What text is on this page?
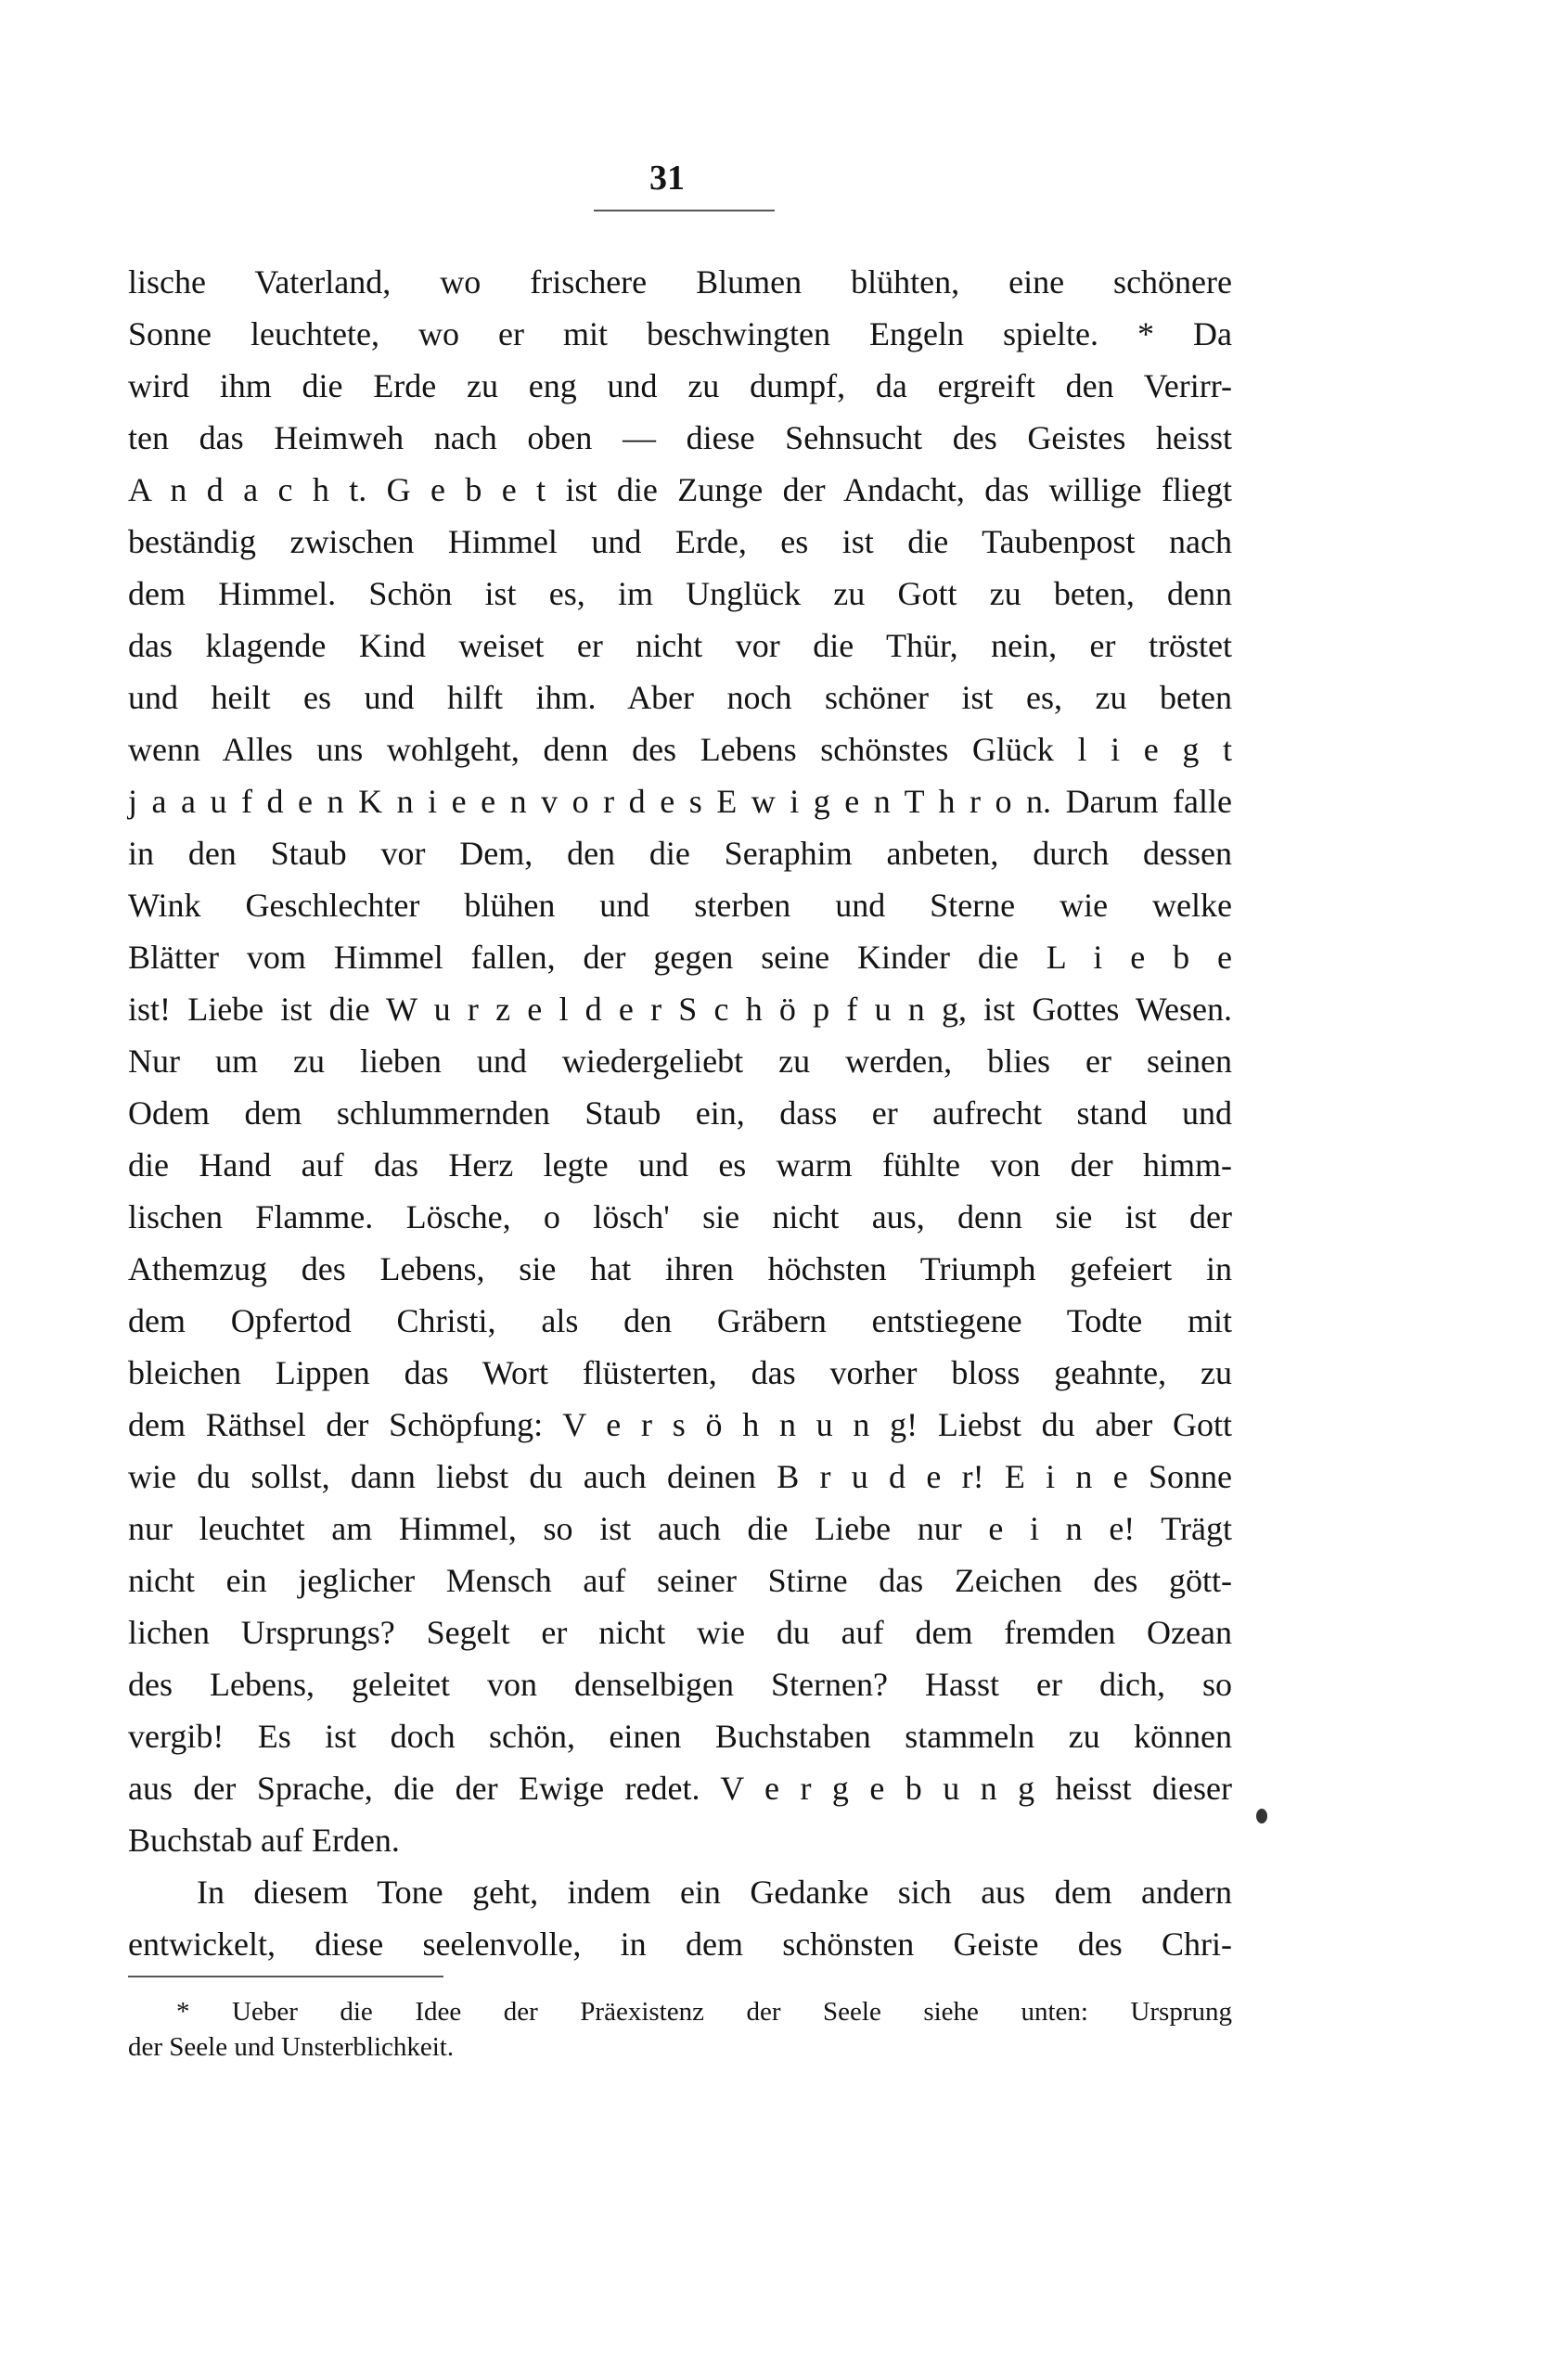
31
lische Vaterland, wo frischere Blumen blühten, eine schönere
Sonne leuchtete, wo er mit beschwingten Engeln spielte. * Da
wird ihm die Erde zu eng und zu dumpf, da ergreift den Verirr-
ten das Heimweh nach oben — diese Sehnsucht des Geistes heisst
A n d a c h t. G e b e t ist die Zunge der Andacht, das willige fliegt
beständig zwischen Himmel und Erde, es ist die Taubenpost nach
dem Himmel. Schön ist es, im Unglück zu Gott zu beten, denn
das klagende Kind weiset er nicht vor die Thür, nein, er tröstet
und heilt es und hilft ihm. Aber noch schöner ist es, zu beten
wenn Alles uns wohlgeht, denn des Lebens schönstes Glück l i e g t
j a a u f d e n K n i e e n v o r d e s E w i g e n T h r o n. Darum falle
in den Staub vor Dem, den die Seraphim anbeten, durch dessen
Wink Geschlechter blühen und sterben und Sterne wie welke
Blätter vom Himmel fallen, der gegen seine Kinder die L i e b e
ist! Liebe ist die W u r z e l d e r S c h ö p f u n g, ist Gottes Wesen.
Nur um zu lieben und wiedergeliebt zu werden, blies er seinen
Odem dem schlummernden Staub ein, dass er aufrecht stand und
die Hand auf das Herz legte und es warm fühlte von der himm-
lischen Flamme. Lösche, o lösch' sie nicht aus, denn sie ist der
Athemzug des Lebens, sie hat ihren höchsten Triumph gefeiert in
dem Opfertod Christi, als den Gräbern entstiegene Todte mit
bleichen Lippen das Wort flüsterten, das vorher bloss geahnte, zu
dem Räthsel der Schöpfung: V e r s ö h n u n g! Liebst du aber Gott
wie du sollst, dann liebst du auch deinen B r u d e r! E i n e Sonne
nur leuchtet am Himmel, so ist auch die Liebe nur e i n e! Trägt
nicht ein jeglicher Mensch auf seiner Stirne das Zeichen des gött-
lichen Ursprungs? Segelt er nicht wie du auf dem fremden Ozean
des Lebens, geleitet von denselbigen Sternen? Hasst er dich, so
vergib! Es ist doch schön, einen Buchstaben stammeln zu können
aus der Sprache, die der Ewige redet. V e r g e b u n g heisst dieser
Buchstab auf Erden.
In diesem Tone geht, indem ein Gedanke sich aus dem andern
entwickelt, diese seelenvolle, in dem schönsten Geiste des Chri-
* Ueber die Idee der Präexistenz der Seele siehe unten: Ursprung
der Seele und Unsterblichkeit.
